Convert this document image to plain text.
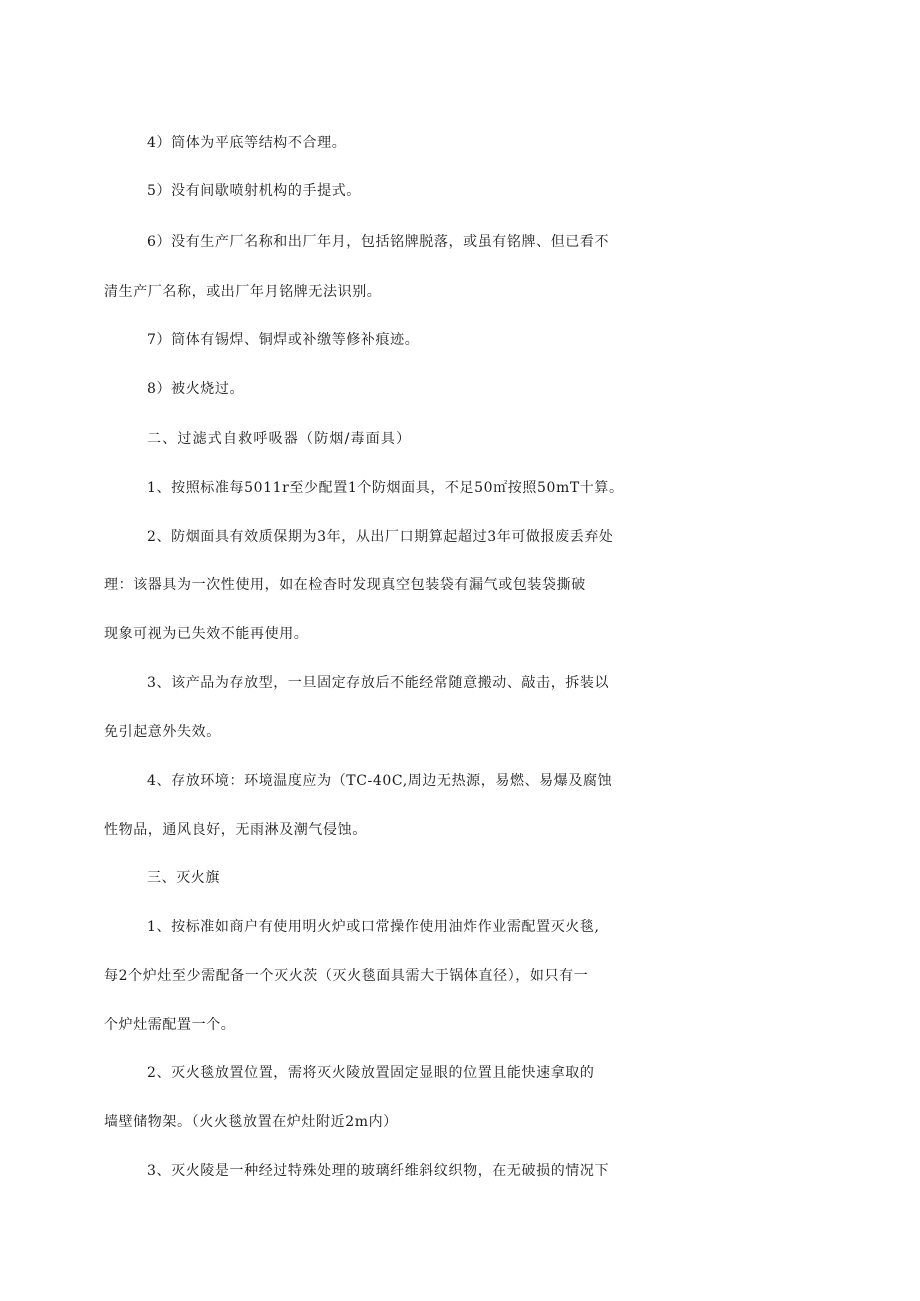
4）筒体为平底等结构不合理。
5）没有间歇喷射机构的手提式。
6）没有生产厂名称和出厂年月，包括铭牌脱落，或虽有铭牌、但已看不
清生产厂名称，或出厂年月铭牌无法识别。
7）筒体有锡焊、铜焊或补缴等修补痕迹。
8）被火烧过。
二、过滤式自救呼吸器（防烟/毒面具）
1、按照标准每5011r至少配置1个防烟面具，不足50㎡按照50mT十算。
2、防烟面具有效质保期为3年，从出厂口期算起超过3年可做报废丢弃处
理：该器具为一次性使用，如在检杳时发现真空包装袋有漏气或包装袋撕破
现象可视为已失效不能再使用。
3、该产品为存放型，一旦固定存放后不能经常随意搬动、敲击，拆装以
免引起意外失效。
4、存放环境：环境温度应为（TC-40C,周边无热源，易燃、易爆及腐蚀
性物品，通风良好，无雨淋及潮气侵蚀。
三、灭火旗
1、按标准如商户有使用明火炉或口常操作使用油炸作业需配置灭火毯,
每2个炉灶至少需配备一个灭火茨（灭火毯面具需大于锅体直径），如只有一
个炉灶需配置一个。
2、灭火毯放置位置，需将灭火陵放置固定显眼的位置且能快速拿取的
墙壁储物架。（火火毯放置在炉灶附近2m内）
3、灭火陵是一种经过特殊处理的玻璃纤维斜纹织物，在无破损的情况下
